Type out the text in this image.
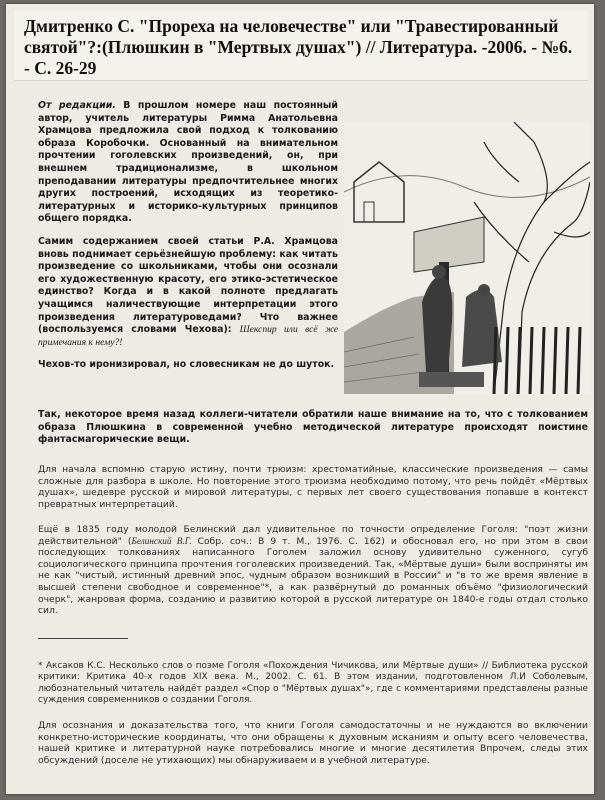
Дмитренко С. "Прореха на человечестве" или "Травестированный святой"?:(Плюшкин в "Мертвых душах") // Литература. -2006. - №6. - С. 26-29

От редакции. В прошлом номере наш постоянный автор, учитель литературы Римма Анатольевна Храмцова предложила свой подход к толкованию образа Коробочки. Основанный на внимательном прочтении гоголевских произведений, он, при внешнем традиционализме, в школьном преподавании литературы предпочтительнее многих других построений, исходящих из теоретико-литературных и историко-культурных принципов общего порядка.

Самим содержанием своей статьи Р.А. Храмцова вновь поднимает серьёзнейшую проблему: как читать произведение со школьниками, чтобы они осознали его художественную красоту, его этико-эстетическое единство? Когда и в какой полноте предлагать учащимся наличествующие интерпретации этого произведения литературоведами? Что важнее (воспользуемся словами Чехова): Шекспир или всё же примечания к нему?!

Чехов-то иронизировал, но словесникам не до шуток.

Так, некоторое время назад коллеги-читатели обратили наше внимание на то, что с толкованием образа Плюшкина в современной учебно методической литературе происходят поистине фантасмагорические вещи.
Для начала вспомню старую истину, почти трюизм: хрестоматийные, классические произведения — самы сложные для разбора в школе. Но повторение этого трюизма необходимо потому, что речь пойдёт «Мёртвых душах», шедевре русской и мировой литературы, с первых лет своего существования попавше в контекст превратных интерпретаций.

Ещё в 1835 году молодой Белинский дал удивительное по точности определение Гоголя: "поэт жизни действительной" (Белинский В.Г. Собр. соч.: В 9 т. М., 1976. С. 162) и обосновал его, но при этом в свои последующих толкованиях написанного Гоголем заложил основу удивительно суженного, сугуб социологического принципа прочтения гоголевских произведений. Так, «Мёртвые души» были восприняты им не как "чистый, истинный древний эпос, чудным образом возникший в России" и "в то же время явление в высшей степени свободное и современное"*, а как развёрнутый до романных объёмо "физиологический очерк", жанровая форма, созданию и развитию которой в русской литературе он 1840-е годы отдал столько сил.

* Аксаков К.С. Несколько слов о поэме Гоголя «Похождения Чичикова, или Мёртвые души» // Библиотека русской критики: Критика 40-х годов XIX века. М., 2002. С. 61. В этом издании, подготовленном Л.И Соболевым, любознательный читатель найдёт раздел «Спор о "Мёртвых душах"», где с комментариями представлены разные суждения современников о создании Гоголя.
Для осознания и доказательства того, что книги Гоголя самодостаточны и не нуждаются во включении конкретно-исторические координаты, что они обращены к духовным исканиям и опыту всего человечества, нашей критике и литературной науке потребовались многие и многие десятилетия Впрочем, следы этих обсуждений (доселе не утихающих) мы обнаруживаем и в учебной литературе.
